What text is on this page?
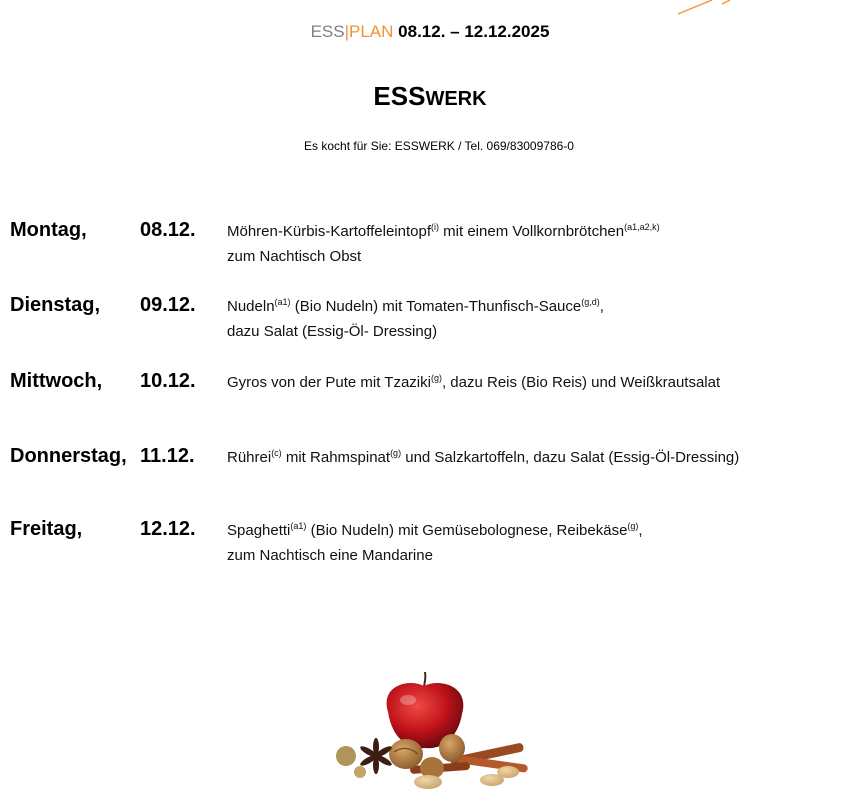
ESS|PLAN 08.12. – 12.12.2025
ESSWERK
Es kocht für Sie: ESSWERK / Tel. 069/83009786-0
Montag,	08.12. Möhren-Kürbis-Kartoffeleintopf$^{(i)}$ mit einem Vollkornbrötchen$^{(a1,a2,k)}$
zum Nachtisch Obst
Dienstag, 09.12. Nudeln$^{(a1)}$ (Bio Nudeln) mit Tomaten-Thunfisch-Sauce$^{(g,d)}$,
dazu Salat (Essig-Öl- Dressing)
Mittwoch, 10.12. Gyros von der Pute mit Tzaziki$^{(g)}$, dazu Reis (Bio Reis) und Weißkrautsalat
Donnerstag, 11.12. Rührei$^{(c)}$ mit Rahmspinat$^{(g)}$ und Salzkartoffeln, dazu Salat (Essig-Öl-Dressing)
Freitag,	12.12. Spaghetti$^{(a1)}$ (Bio Nudeln) mit Gemüsebolognese, Reibekäse$^{(g)}$,
zum Nachtisch eine Mandarine
